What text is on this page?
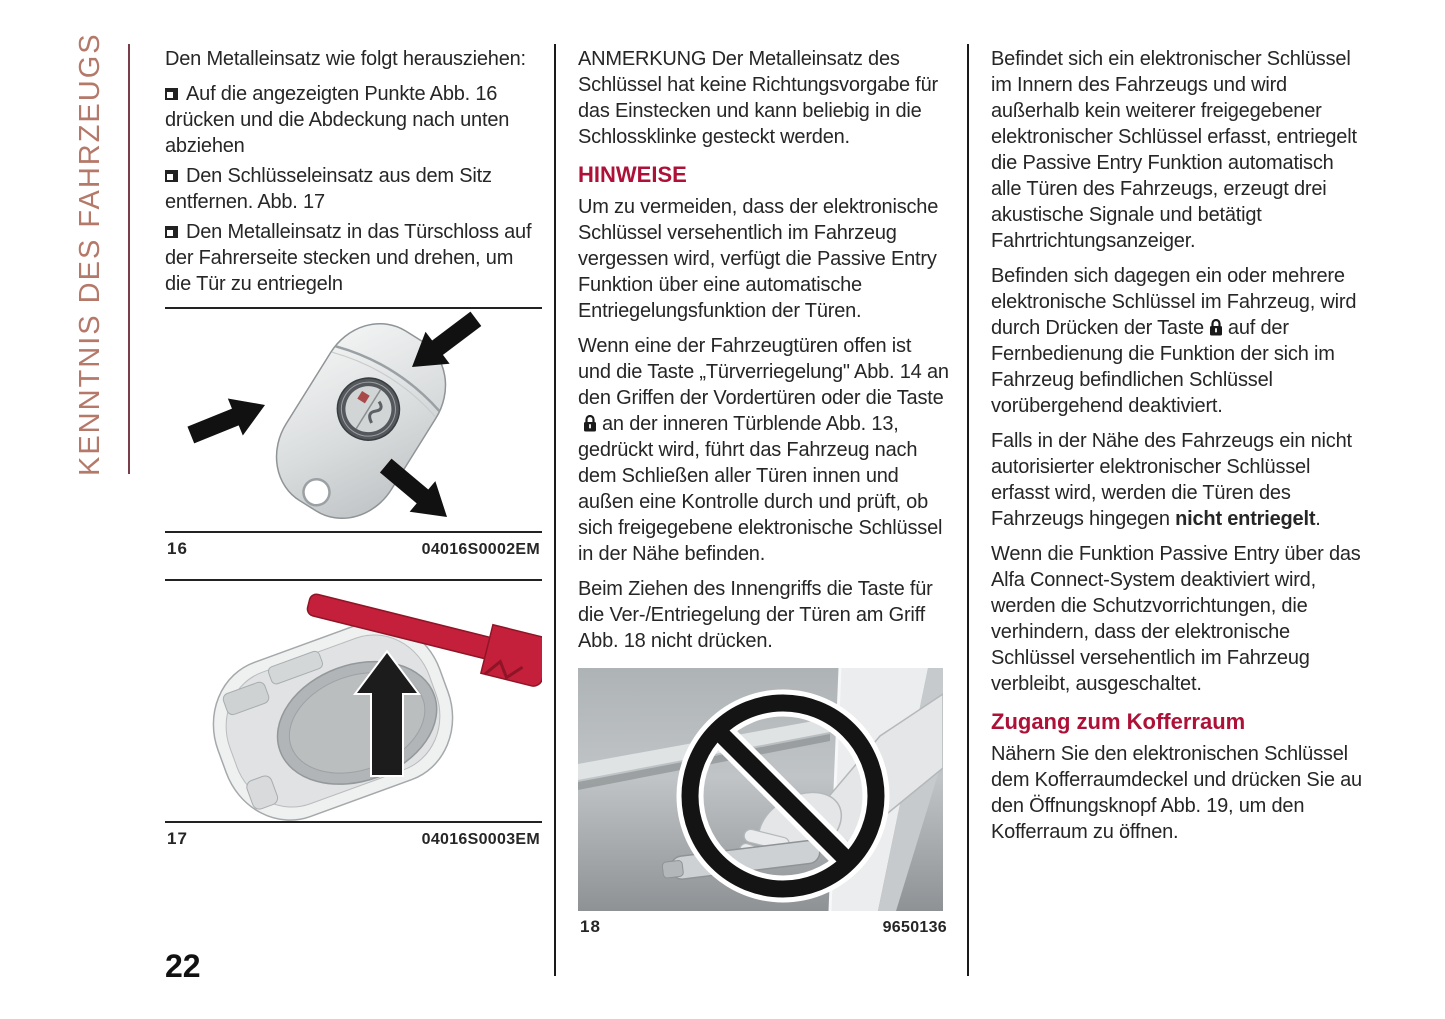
KENNTNIS DES FAHRZEUGS	Den Metalleinsatz wie folgt herausziehen:

Auf die angezeigten Punkte Abb. 16 drücken und die Abdeckung nach unten abziehen

Den Schlüsseleinsatz aus dem Sitz entfernen. Abb. 17

Den Metalleinsatz in das Türschloss auf der Fahrerseite stecken und drehen, um die Tür zu entriegeln

16	04016S0002EM
17	04016S0003EM

ANMERKUNG Der Metalleinsatz des Schlüssel hat keine Richtungsvorgabe für das Einstecken und kann beliebig in die Schlossklinke gesteckt werden.

HINWEISE

Um zu vermeiden, dass der elektronische Schlüssel versehentlich im Fahrzeug vergessen wird, verfügt die Passive Entry Funktion über eine automatische Entriegelungsfunktion der Türen.

Wenn eine der Fahrzeugtüren offen ist und die Taste „Türverriegelung" Abb. 14 an den Griffen der Vordertüren oder die Tastean der inneren Türblende Abb. 13, gedrückt wird, führt das Fahrzeug nach dem Schließen aller Türen innen und außen eine Kontrolle durch und prüft, ob sich freigegebene elektronische Schlüssel in der Nähe befinden.

Beim Ziehen des Innengriffs die Taste für die Ver-/Entriegelung der Türen am Griff Abb. 18 nicht drücken.

18	9650136

Befindet sich ein elektronischer Schlüssel im Innern des Fahrzeugs und wird außerhalb kein weiterer freigegebener elektronischer Schlüssel erfasst, entriegelt die Passive Entry Funktion automatisch alle Türen des Fahrzeugs, erzeugt drei akustische Signale und betätigt Fahrtrichtungsanzeiger.

Befinden sich dagegen ein oder mehrere elektronische Schlüssel im Fahrzeug, wird durch Drücken der Taste auf der Fernbedienung die Funktion der sich im Fahrzeug befindlichen Schlüssel vorübergehend deaktiviert.

Falls in der Nähe des Fahrzeugs ein nicht autorisierter elektronischer Schlüssel erfasst wird, werden die Türen des Fahrzeugs hingegen nicht entriegelt.

Wenn die Funktion Passive Entry über das Alfa Connect-System deaktiviert wird, werden die Schutzvorrichtungen, die verhindern, dass der elektronische Schlüssel versehentlich im Fahrzeug verbleibt, ausgeschaltet.

Zugang zum Kofferraum

Nähern Sie den elektronischen Schlüssel dem Kofferraumdeckel und drücken Sie au den Öffnungsknopf Abb. 19, um den Kofferraum zu öffnen.

22
